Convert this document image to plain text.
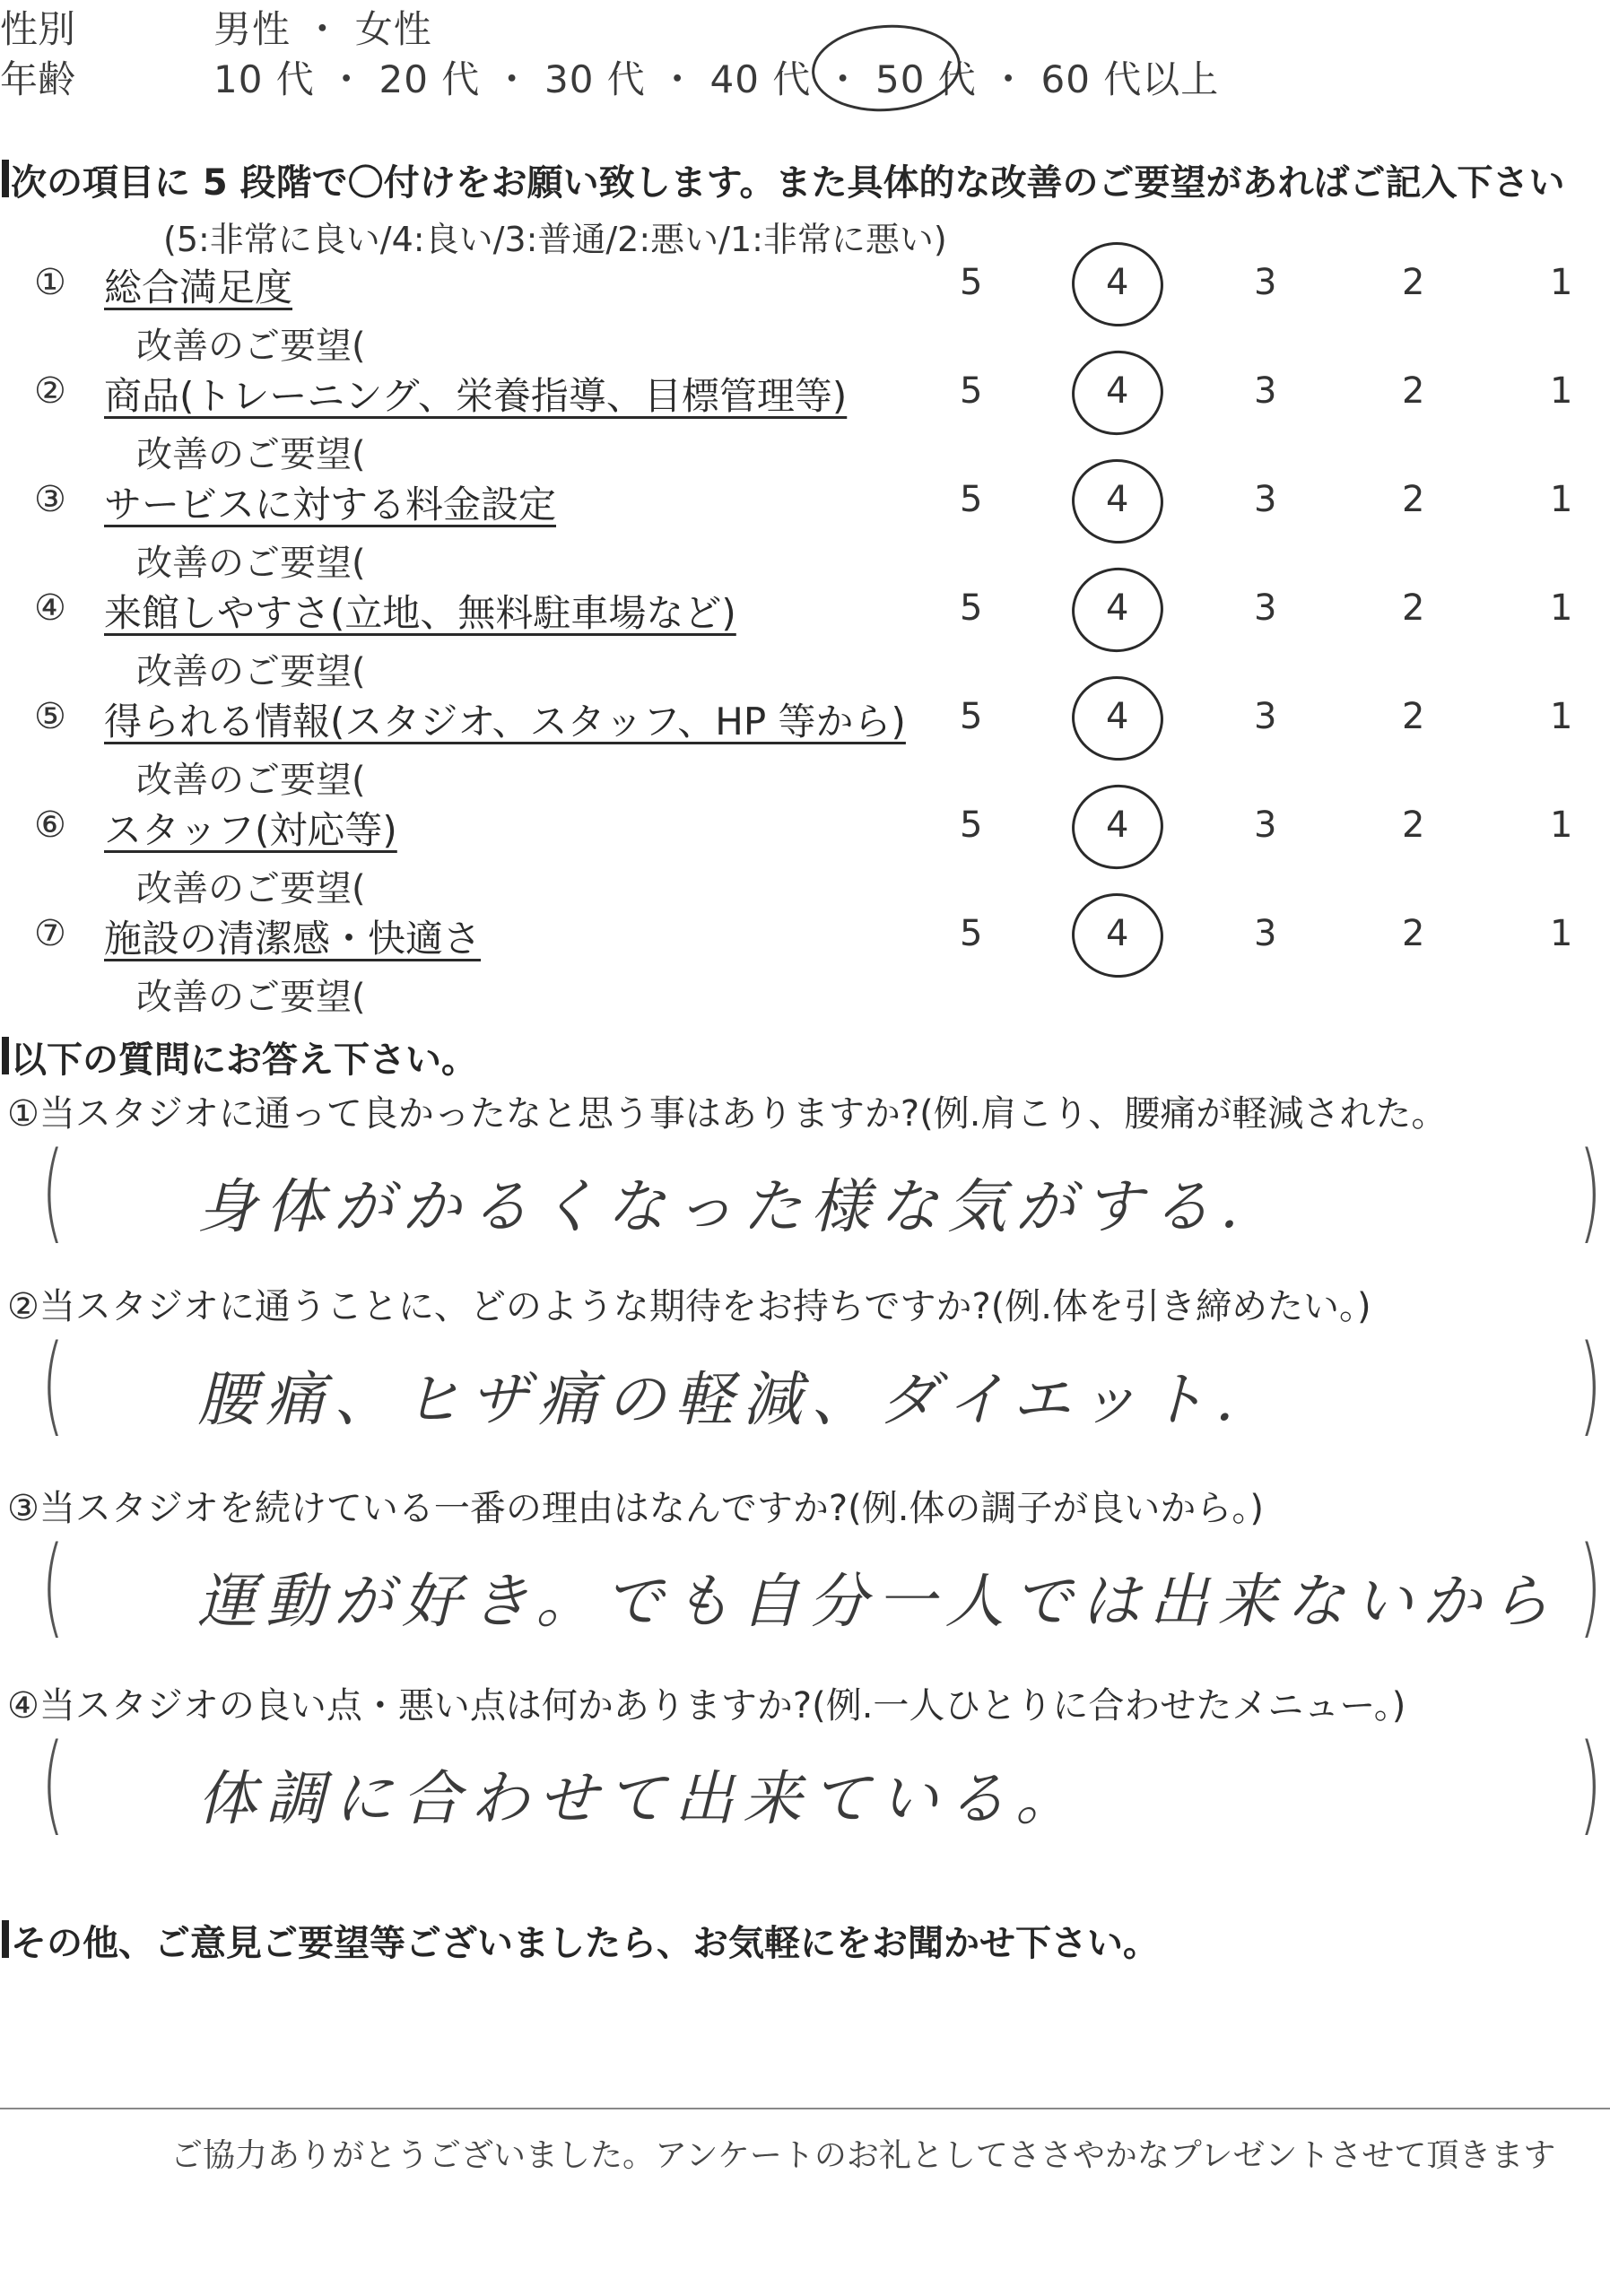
性別	男性 ・ 女性
年齢	10 代 ・ 20 代 ・ 30 代 ・ 40 代 ・ 50 代 ・ 60 代以上
次の項目に 5 段階で〇付けをお願い致します。また具体的な改善のご要望があればご記入下さい
(5:非常に良い/4:良い/3:普通/2:悪い/1:非常に悪い)
① 総合満足度	5	4	3	2	1
改善のご要望(
② 商品(トレーニング、栄養指導、目標管理等)	5	4	3	2	1
改善のご要望(
③ サービスに対する料金設定	5	4	3	2	1
改善のご要望(
④ 来館しやすさ(立地、無料駐車場など)	5	4	3	2	1
改善のご要望(
⑤ 得られる情報(スタジオ、スタッフ、HP 等から) 5	4	3	2	1
改善のご要望(
⑥ スタッフ(対応等)	5	4	3	2	1
改善のご要望(
⑦ 施設の清潔感・快適さ	5	4	3	2	1
改善のご要望(
以下の質問にお答え下さい。
①当スタジオに通って良かったなと思う事はありますか?(例.肩こり、腰痛が軽減された。
( 身体がかるくなった様な気がする.	)
②当スタジオに通うことに、どのような期待をお持ちですか?(例.体を引き締めたい。)
( 腰痛、ヒザ痛の軽減、ダイエット.	)
③当スタジオを続けている一番の理由はなんですか?(例.体の調子が良いから。)
( 運動が好き。でも自分一人では出来ないから )
④当スタジオの良い点・悪い点は何かありますか?(例.一人ひとりに合わせたメニュー。)
( 体調に合わせて出来ている。	)
その他、ご意見ご要望等ございましたら、お気軽にをお聞かせ下さい。
ご協力ありがとうございました。アンケートのお礼としてささやかなプレゼントさせて頂きます
